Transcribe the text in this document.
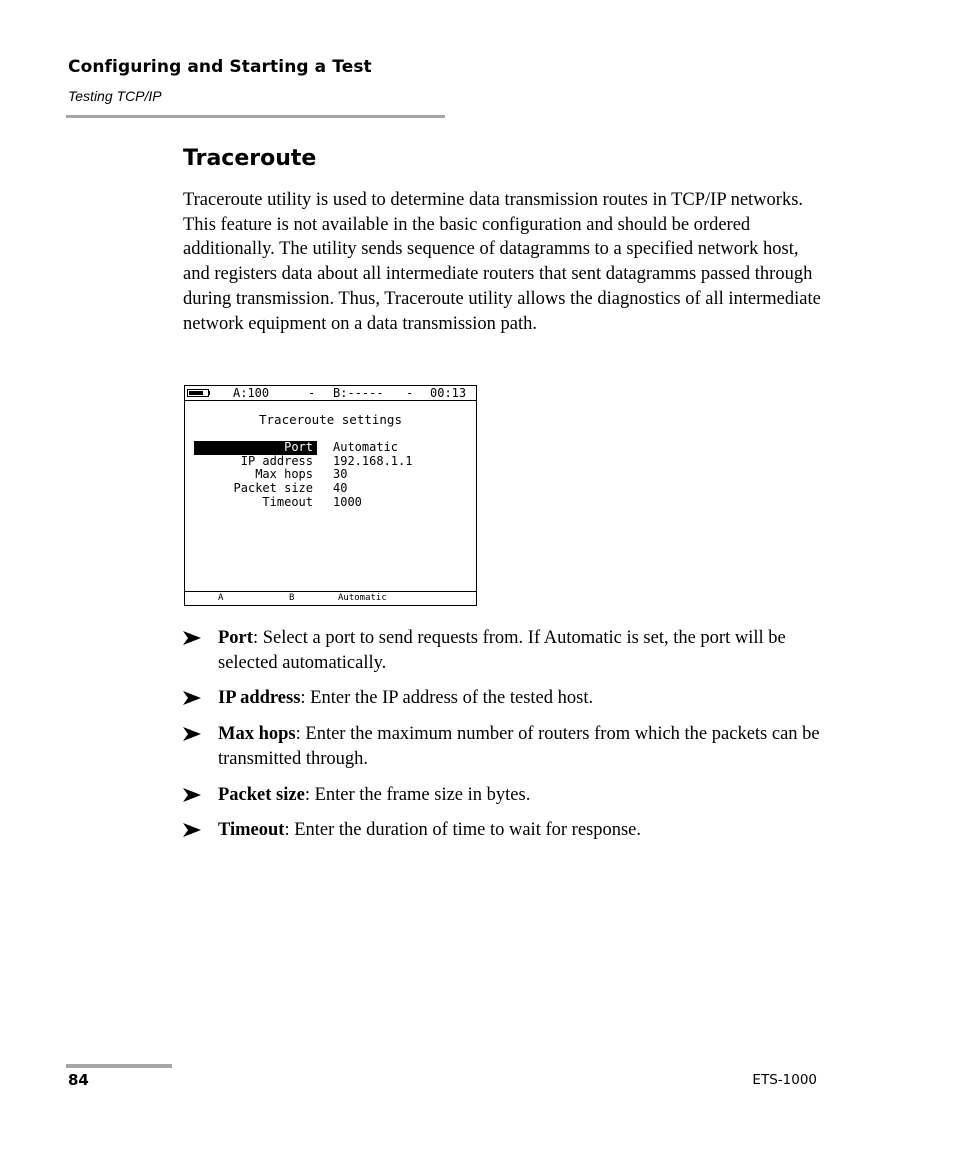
Configuring and Starting a Test
Testing TCP/IP
Traceroute

Traceroute utility is used to determine data transmission routes in TCP/IP networks. This feature is not available in the basic configuration and should be ordered additionally. The utility sends sequence of datagramms to a specified network host, and registers data about all intermediate routers that sent datagramms passed through during transmission. Thus, Traceroute utility allows the diagnostics of all intermediate network equipment on a data transmission path.

A:100	- B:----- - 00:13
Traceroute settings
Port	Automatic
IP address	192.168.1.1
Max hops	30
Packet size	40
Timeout	1000
A	B	Automatic
Port: Select a port to send requests from. If Automatic is set, the port will be selected automatically.
IP address: Enter the IP address of the tested host.
Max hops: Enter the maximum number of routers from which the packets can be transmitted through.
Packet size: Enter the frame size in bytes.
Timeout: Enter the duration of time to wait for response.
84	ETS-1000
